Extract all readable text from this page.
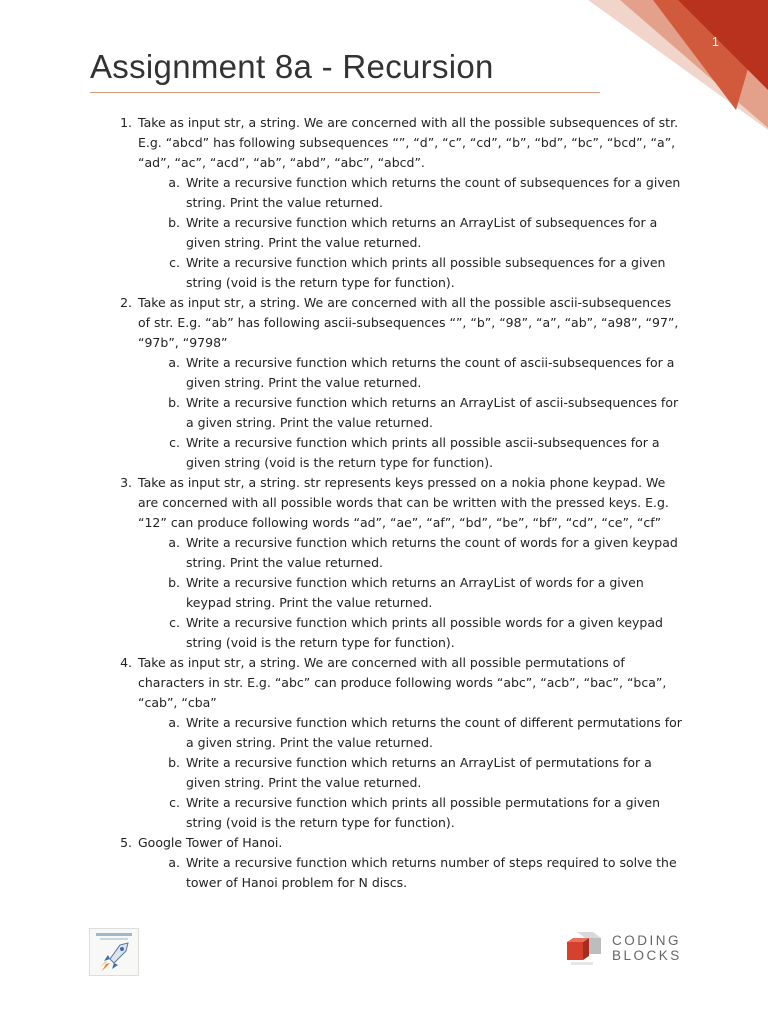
1
Assignment 8a - Recursion
1. Take as input str, a string. We are concerned with all the possible subsequences of str. E.g. “abcd” has following subsequences “”, “d”, “c”, “cd”, “b”, “bd”, “bc”, “bcd”, “a”, “ad”, “ac”, “acd”, “ab”, “abd”, “abc”, “abcd”.
a. Write a recursive function which returns the count of subsequences for a given string. Print the value returned.
b. Write a recursive function which returns an ArrayList of subsequences for a given string. Print the value returned.
c. Write a recursive function which prints all possible subsequences for a given string (void is the return type for function).
2. Take as input str, a string. We are concerned with all the possible ascii-subsequences of str. E.g. “ab” has following ascii-subsequences “”, “b”, “98”, “a”, “ab”, “a98”, “97”, “97b”, “9798”
a. Write a recursive function which returns the count of ascii-subsequences for a given string. Print the value returned.
b. Write a recursive function which returns an ArrayList of ascii-subsequences for a given string. Print the value returned.
c. Write a recursive function which prints all possible ascii-subsequences for a given string (void is the return type for function).
3. Take as input str, a string. str represents keys pressed on a nokia phone keypad. We are concerned with all possible words that can be written with the pressed keys. E.g. “12” can produce following words “ad”, “ae”, “af”, “bd”, “be”, “bf”, “cd”, “ce”, “cf”
a. Write a recursive function which returns the count of words for a given keypad string. Print the value returned.
b. Write a recursive function which returns an ArrayList of words for a given keypad string. Print the value returned.
c. Write a recursive function which prints all possible words for a given keypad string (void is the return type for function).
4. Take as input str, a string. We are concerned with all possible permutations of characters in str. E.g. “abc” can produce following words “abc”, “acb”, “bac”, “bca”, “cab”, “cba”
a. Write a recursive function which returns the count of different permutations for a given string. Print the value returned.
b. Write a recursive function which returns an ArrayList of permutations for a given string. Print the value returned.
c. Write a recursive function which prints all possible permutations for a given string (void is the return type for function).
5. Google Tower of Hanoi.
a. Write a recursive function which returns number of steps required to solve the tower of Hanoi problem for N discs.
CODING
BLOCKS
